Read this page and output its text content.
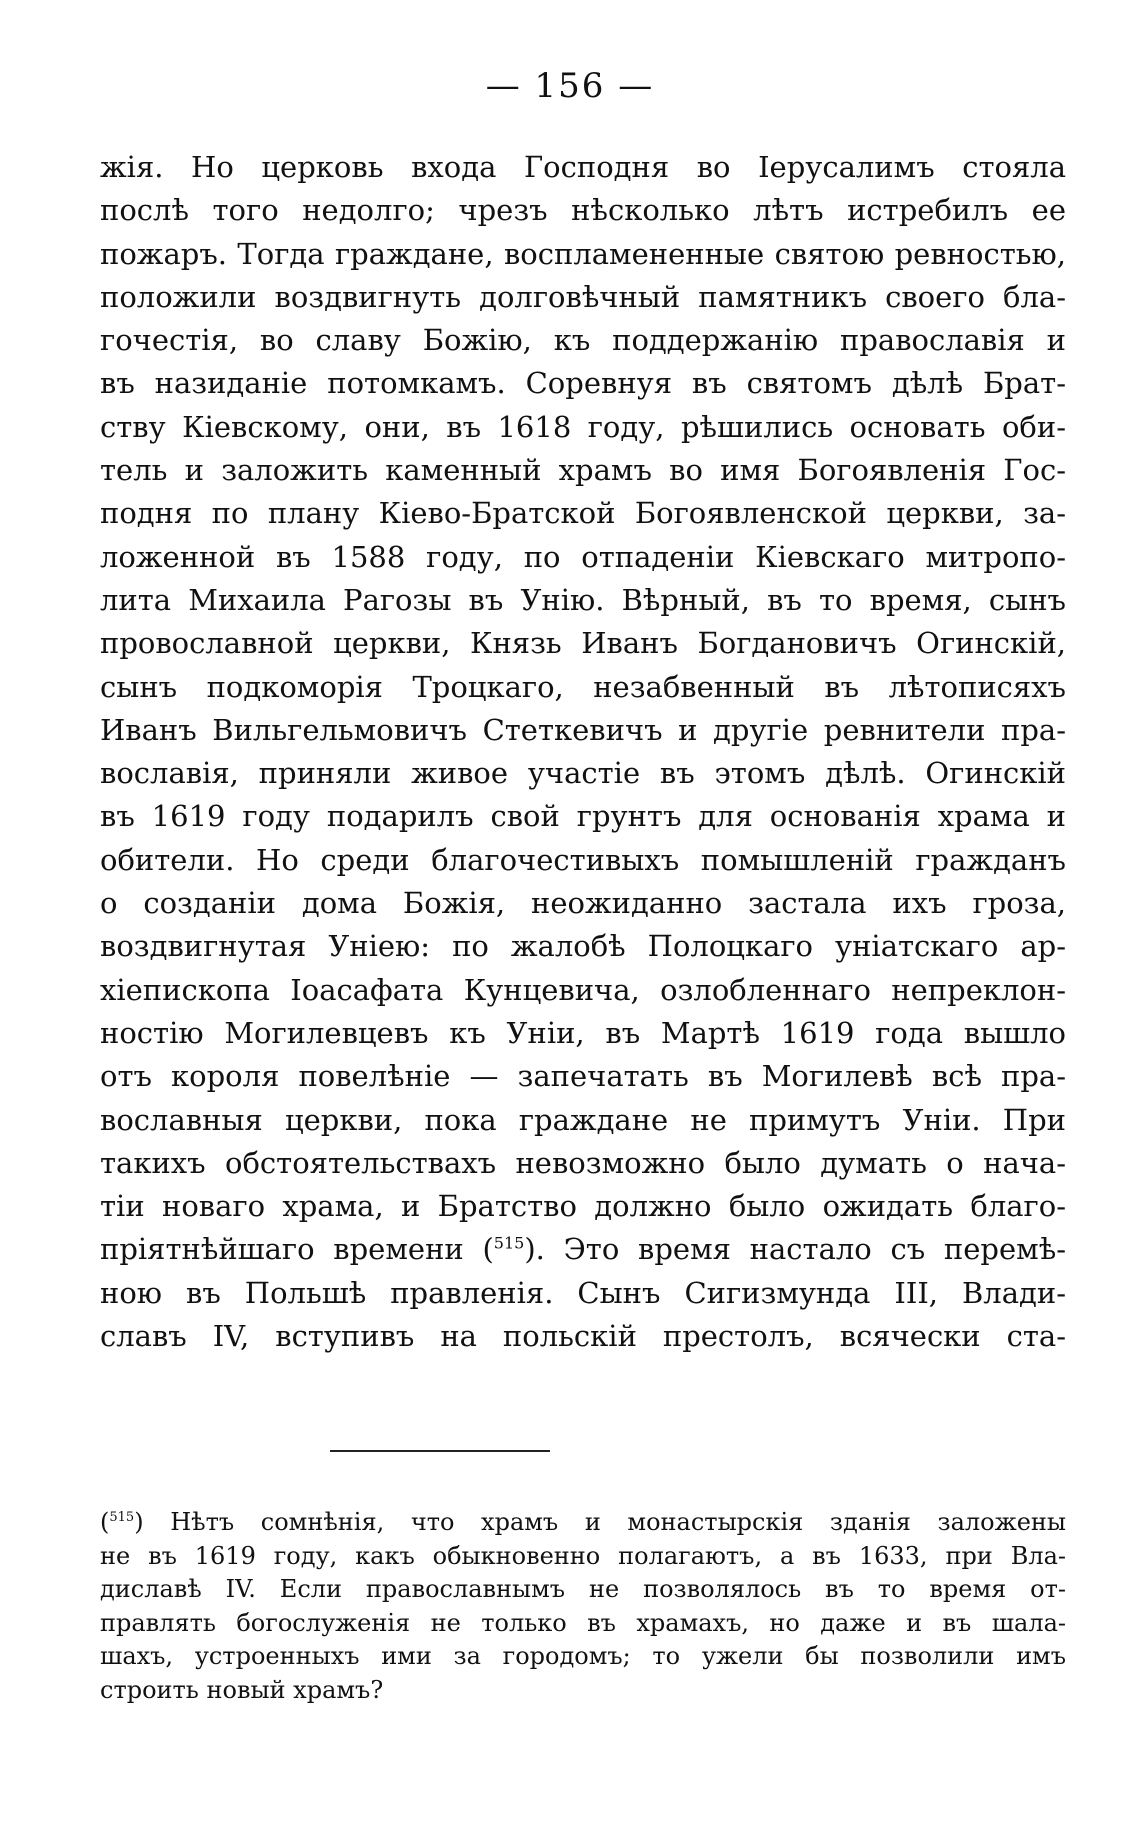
— 156 —
жія. Но церковь входа Господня во Іерусалимъ стояла
послѣ того недолго; чрезъ нѣсколько лѣтъ истребилъ ее
пожаръ. Тогда граждане, воспламененные святою ревностью,
положили воздвигнуть долговѣчный памятникъ своего бла-
гочестія, во славу Божію, къ поддержанію православія и
въ назиданіе потомкамъ. Соревнуя въ святомъ дѣлѣ Брат-
ству Кіевскому, они, въ 1618 году, рѣшились основать оби-
тель и заложить каменный храмъ во имя Богоявленія Гос-
подня по плану Кіево-Братской Богоявленской церкви, за-
ложенной въ 1588 году, по отпаденіи Кіевскаго митропо-
лита Михаила Рагозы въ Унію. Вѣрный, въ то время, сынъ
провославной церкви, Князь Иванъ Богдановичъ Огинскій,
сынъ подкоморія Троцкаго, незабвенный въ лѣтописяхъ
Иванъ Вильгельмовичъ Стеткевичъ и другіе ревнители пра-
вославія, приняли живое участіе въ этомъ дѣлѣ. Огинскій
въ 1619 году подарилъ свой грунтъ для основанія храма и
обители. Но среди благочестивыхъ помышленій гражданъ
о созданіи дома Божія, неожиданно застала ихъ гроза,
воздвигнутая Уніею: по жалобѣ Полоцкаго уніатскаго ар-
хіепископа Іоасафата Кунцевича, озлобленнаго непреклон-
ностію Могилевцевъ къ Уніи, въ Мартѣ 1619 года вышло
отъ короля повелѣніе — запечатать въ Могилевѣ всѣ пра-
вославныя церкви, пока граждане не примутъ Уніи. При
такихъ обстоятельствахъ невозможно было думать о нача-
тіи новаго храма, и Братство должно было ожидать благо-
пріятнѣйшаго времени ($^{515}$). Это время настало съ перемѣ-
ною въ Польшѣ правленія. Сынъ Сигизмунда III, Влади-
славъ IV, вступивъ на польскій престолъ, всячески ста-
($^{515}$) Нѣтъ сомнѣнія, что храмъ и монастырскія зданія заложены
не въ 1619 году, какъ обыкновенно полагаютъ, а въ 1633, при Вла-
диславѣ IV. Если православнымъ не позволялось въ то время от-
правлять богослуженія не только въ храмахъ, но даже и въ шала-
шахъ, устроенныхъ ими за городомъ; то ужели бы позволили имъ
строить новый храмъ?
